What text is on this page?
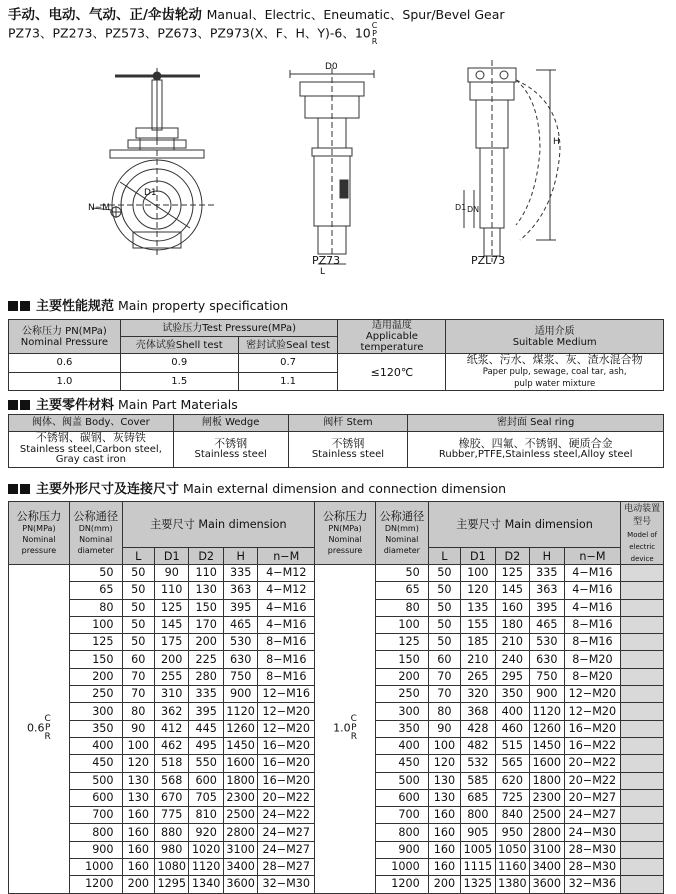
手动、电动、气动、正/伞齿轮动 Manual、Electric、Eneumatic、Spur/Bevel Gear
PZ73、PZ273、PZ573、PZ673、PZ973(X、F、H、Y)-6、10C
P
R
D1
N−M
D0
L
PZ73
H
D1 DN
PZL73
主要性能规范 Main property specification
公称压力 PN(MPa)
Nominal Pressure	试验压力Test Pressure(MPa)		适用温度
Applicable temperature	适用介质
Suitable Medium
	壳体试验Shell test	密封试验Seal test		
0.6	0.9	0.7	≤120℃	纸浆、污水、煤浆、灰、渣水混合物
Paper pulp, sewage, coal tar, ash,
pulp water mixture
1.0	1.5	1.1		
主要零件材料 Main Part Materials
阀体、阀盖 Body、Cover	闸板 Wedge	阀杆 Stem	密封面 Seal ring
不锈钢、碳钢、灰铸铁
Stainless steel,Carbon steel,
Gray cast iron	不锈钢
Stainless steel	不锈钢
Stainless steel	橡胶、四氟、不锈钢、硬质合金
Rubber,PTFE,Stainless steel,Alloy steel
主要外形尺寸及连接尺寸 Main external dimension and connection dimension
公称压力
PN(MPa)
Nominal pressure	公称通径
DN(mm)
Nominal diameter	主要尺寸 Main dimension					公称压力
PN(MPa)
Nominal pressure	公称通径
DN(mm)
Nominal diameter	主要尺寸 Main dimension					电动装置
型号
Model of
electric device
		L	D1	D2	H	n−M			L	D1	D2	H	n−M	
0.6C
P
R	50	50	90	110	335	4−M12	1.0C
P
R	50	50	100	125	335	4−M16	
	65	50	110	130	363	4−M12		65	50	120	145	363	4−M16	
	80	50	125	150	395	4−M16		80	50	135	160	395	4−M16	
	100	50	145	170	465	4−M16		100	50	155	180	465	8−M16	
	125	50	175	200	530	8−M16		125	50	185	210	530	8−M16	
	150	60	200	225	630	8−M16		150	60	210	240	630	8−M20	
	200	70	255	280	750	8−M16		200	70	265	295	750	8−M20	
	250	70	310	335	900	12−M16		250	70	320	350	900	12−M20	
	300	80	362	395	1120	12−M20		300	80	368	400	1120	12−M20	
	350	90	412	445	1260	12−M20		350	90	428	460	1260	16−M20	
	400	100	462	495	1450	16−M20		400	100	482	515	1450	16−M22	
	450	120	518	550	1600	16−M20		450	120	532	565	1600	20−M22	
	500	130	568	600	1800	16−M20		500	130	585	620	1800	20−M22	
	600	130	670	705	2300	20−M22		600	130	685	725	2300	20−M27	
	700	160	775	810	2500	24−M22		700	160	800	840	2500	24−M27	
	800	160	880	920	2800	24−M27		800	160	905	950	2800	24−M30	
	900	160	980	1020	3100	24−M27		900	160	1005	1050	3100	28−M30	
	1000	160	1080	1120	3400	28−M27		1000	160	1115	1160	3400	28−M30	
	1200	200	1295	1340	3600	32−M30		1200	200	1325	1380	3600	32−M36	
